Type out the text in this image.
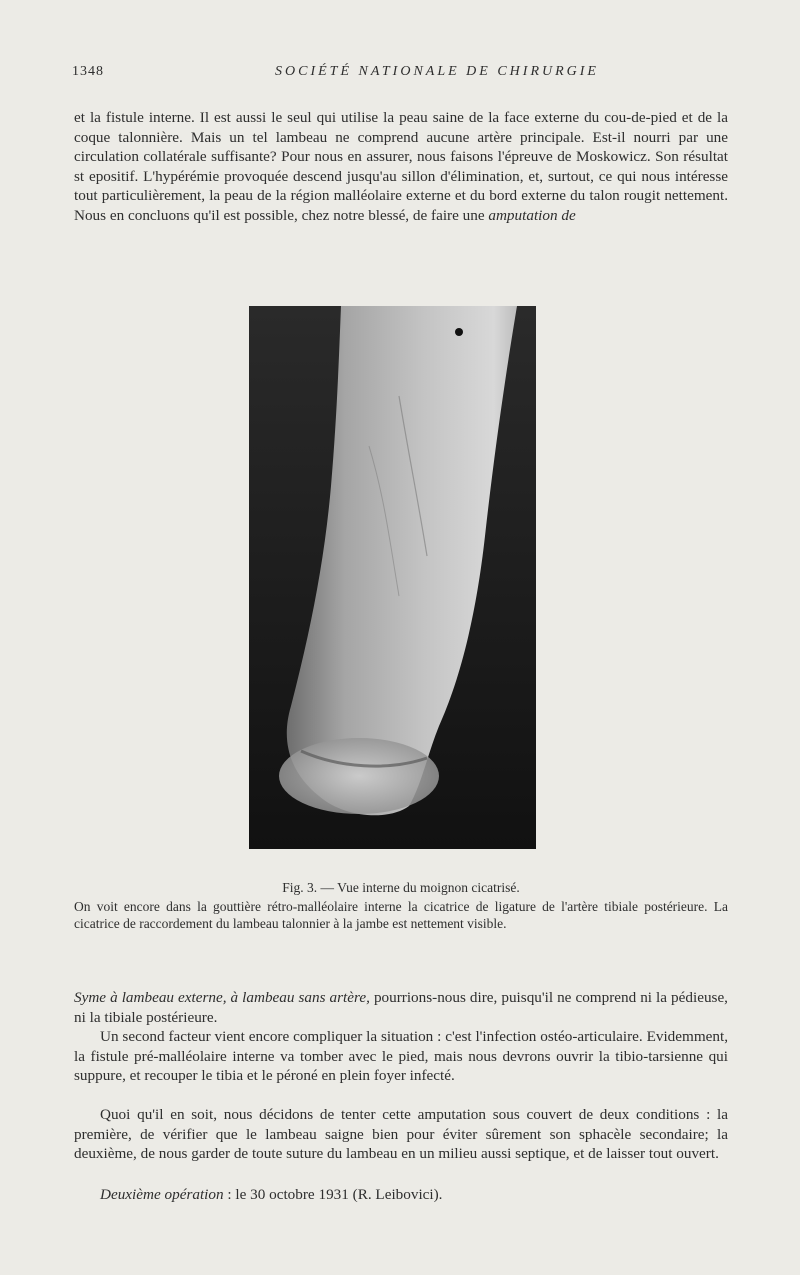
1348	SOCIÉTÉ NATIONALE DE CHIRURGIE

et la fistule interne. Il est aussi le seul qui utilise la peau saine de la face externe du cou-de-pied et de la coque talonnière. Mais un tel lambeau ne comprend aucune artère principale. Est-il nourri par une circulation collatérale suffisante? Pour nous en assurer, nous faisons l'épreuve de Moskowicz. Son résultat st epositif. L'hypérémie provoquée descend jusqu'au sillon d'élimination, et, surtout, ce qui nous intéresse tout particulièrement, la peau de la région malléolaire externe et du bord externe du talon rougit nettement. Nous en concluons qu'il est possible, chez notre blessé, de faire une amputation de

Fig. 3. — Vue interne du moignon cicatrisé.

On voit encore dans la gouttière rétro-malléolaire interne la cicatrice de ligature de l'artère tibiale postérieure. La cicatrice de raccordement du lambeau talonnier à la jambe est nettement visible.

Syme à lambeau externe, à lambeau sans artère, pourrions-nous dire, puisqu'il ne comprend ni la pédieuse, ni la tibiale postérieure.

Un second facteur vient encore compliquer la situation : c'est l'infection ostéo-articulaire. Evidemment, la fistule pré-malléolaire interne va tomber avec le pied, mais nous devrons ouvrir la tibio-tarsienne qui suppure, et recouper le tibia et le péroné en plein foyer infecté.

Quoi qu'il en soit, nous décidons de tenter cette amputation sous couvert de deux conditions : la première, de vérifier que le lambeau saigne bien pour éviter sûrement son sphacèle secondaire; la deuxième, de nous garder de toute suture du lambeau en un milieu aussi septique, et de laisser tout ouvert.

Deuxième opération : le 30 octobre 1931 (R. Leibovici).
